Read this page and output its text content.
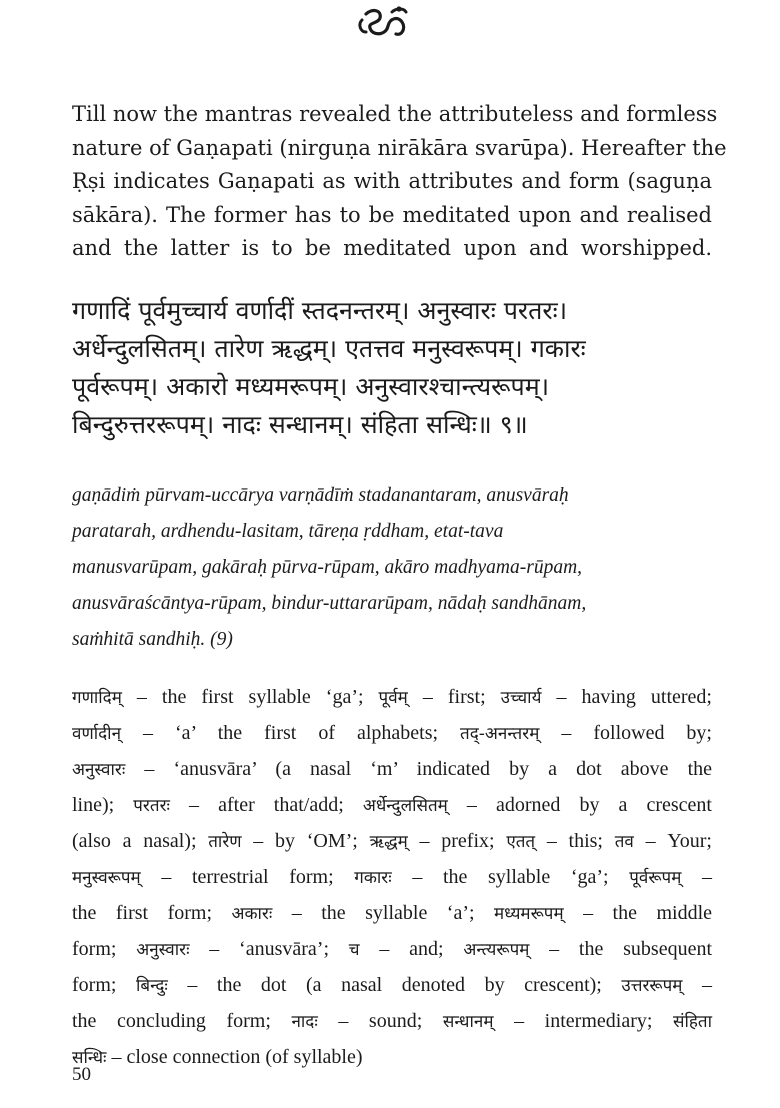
Till now the mantras revealed the attributeless and formless
nature of Gaṇapati (nirguṇa nirākāra svarūpa). Hereafter the
Ṛṣi indicates Gaṇapati as with attributes and form (saguṇa
sākāra). The former has to be meditated upon and realised
and the latter is to be meditated upon and worshipped.
गणादिं पूर्वमुच्चार्य वर्णादीं स्तदनन्तरम्। अनुस्वारः परतरः।
अर्धेन्दुलसितम्। तारेण ऋद्धम्। एतत्तव मनुस्वरूपम्। गकारः
पूर्वरूपम्। अकारो मध्यमरूपम्। अनुस्वारश्चान्त्यरूपम्।
बिन्दुरुत्तररूपम्। नादः सन्धानम्। संहिता सन्धिः॥ ९॥
gaṇādiṁ pūrvam-uccārya varṇādīṁ stadanantaram, anusvāraḥ
paratarah, ardhendu-lasitam, tāreṇa ṛddham, etat-tava
manusvarūpam, gakāraḥ pūrva-rūpam, akāro madhyama-rūpam,
anusvāraścāntya-rūpam, bindur-uttararūpam, nādaḥ sandhānam,
saṁhitā sandhiḥ. (9)
गणादिम् – the first syllable ‘ga’; पूर्वम् – first; उच्चार्य – having uttered;
वर्णादीन् – ‘a’ the first of alphabets; तद्-अनन्तरम् – followed by;
अनुस्वारः – ‘anusvāra’ (a nasal ‘m’ indicated by a dot above the
line); परतरः – after that/add; अर्धेन्दुलसितम् – adorned by a crescent
(also a nasal); तारेण – by ‘OM’; ऋद्धम् – prefix; एतत् – this; तव – Your;
मनुस्वरूपम् – terrestrial form; गकारः – the syllable ‘ga’; पूर्वरूपम् –
the first form; अकारः – the syllable ‘a’; मध्यमरूपम् – the middle
form; अनुस्वारः – ‘anusvāra’; च – and; अन्त्यरूपम् – the subsequent
form; बिन्दुः – the dot (a nasal denoted by crescent); उत्तररूपम् –
the concluding form; नादः – sound; सन्धानम् – intermediary; संहिता
सन्धिः – close connection (of syllable)
50
